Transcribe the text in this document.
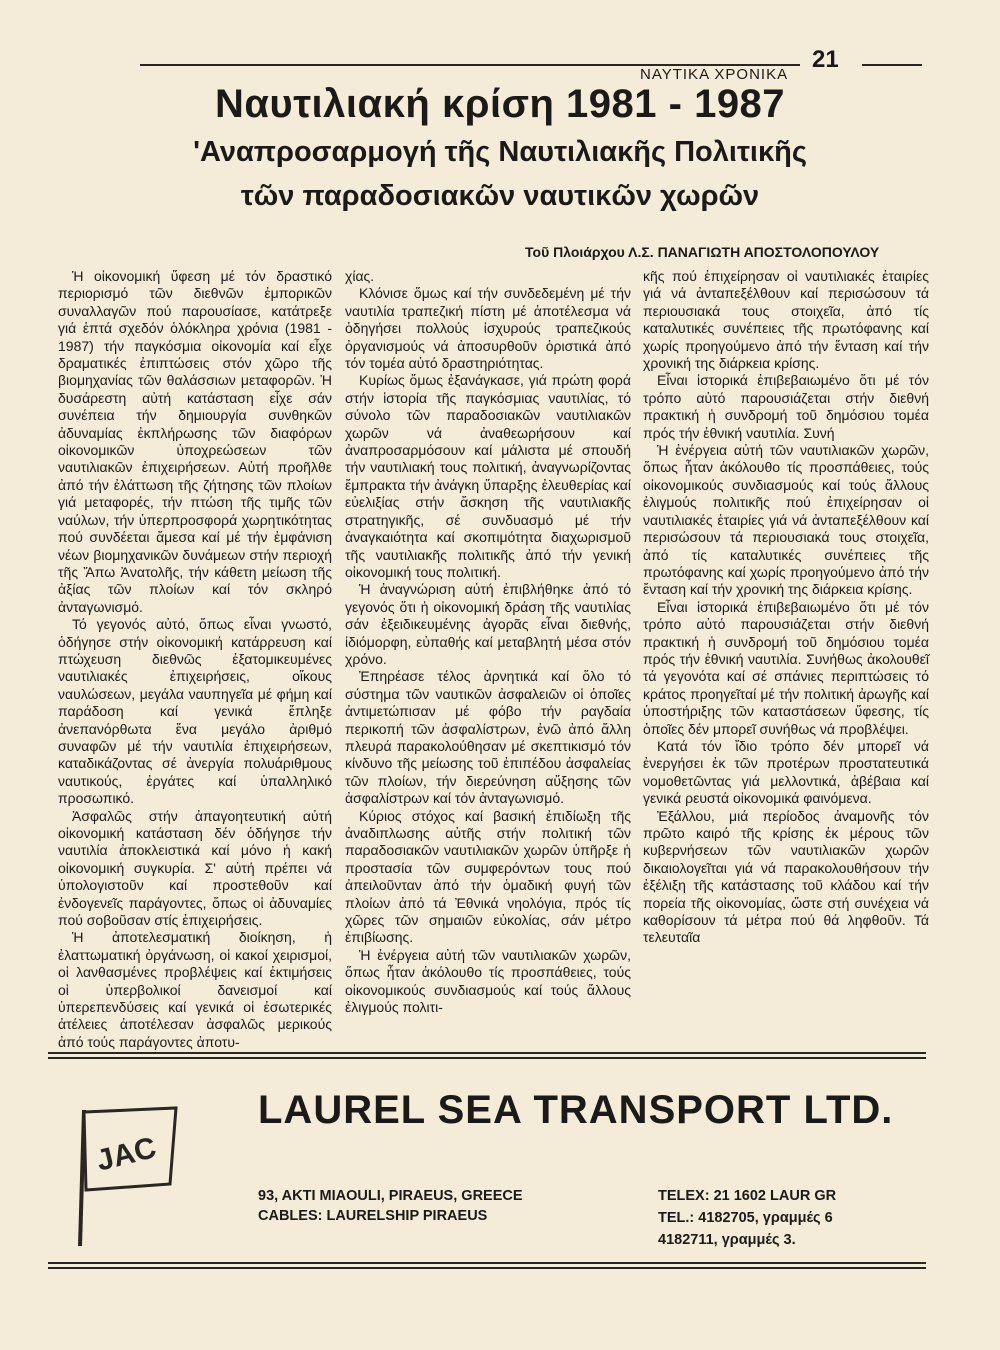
ΝΑΥΤΙΚΑ ΧΡΟΝΙΚΑ
21
Ναυτιλιακή κρίση 1981 - 1987
'Αναπροσαρμογή τῆς Ναυτιλιακῆς Πολιτικῆς
τῶν παραδοσιακῶν ναυτικῶν χωρῶν
Τοῦ Πλοιάρχου Λ.Σ. ΠΑΝΑΓΙΩΤΗ ΑΠΟΣΤΟΛΟΠΟΥΛΟΥ

Ἡ οἰκονομική ὕφεση μέ τόν δραστικό περιορισμό τῶν διεθνῶν ἐμπορικῶν συναλλαγῶν πού παρουσίασε, κατάτρεξε γιά ἑπτά σχεδόν ὁλόκληρα χρόνια (1981 - 1987) τήν παγκόσμια οἰκονομία καί εἶχε δραματικές ἐπιπτώσεις στόν χῶρο τῆς βιομηχανίας τῶν θαλάσσιων μεταφορῶν. Ἡ δυσάρεστη αὐτή κατάσταση εἶχε σάν συνέπεια τήν δημιουργία συνθηκῶν ἀδυναμίας ἐκπλήρωσης τῶν διαφόρων οἰκονομικῶν ὑποχρεώσεων τῶν ναυτιλιακῶν ἐπιχειρήσεων. Αὐτή προῆλθε ἀπό τήν ἐλάττωση τῆς ζήτησης τῶν πλοίων γιά μεταφορές, τήν πτώση τῆς τιμῆς τῶν ναύλων, τήν ὑπερπροσφορά χωρητικότητας πού συνδέεται ἄμεσα καί μέ τήν ἐμφάνιση νέων βιομηχανικῶν δυνάμεων στήν περιοχή τῆς Ἄπω Ἀνατολῆς, τήν κάθετη μείωση τῆς ἀξίας τῶν πλοίων καί τόν σκληρό ἀνταγωνισμό.

Τό γεγονός αὐτό, ὅπως εἶναι γνωστό, ὁδήγησε στήν οἰκονομική κατάρρευση καί πτώχευση διεθνῶς ἐξατομικευμένες ναυτιλιακές ἐπιχειρήσεις, οἴκους ναυλώσεων, μεγάλα ναυπηγεῖα μέ φήμη καί παράδοση καί γενικά ἔπληξε ἀνεπανόρθωτα ἕνα μεγάλο ἀριθμό συναφῶν μέ τήν ναυτιλία ἐπιχειρήσεων, καταδικάζοντας σέ ἀνεργία πολυάριθμους ναυτικούς, ἐργάτες καί ὑπαλληλικό προσωπικό.

Ἀσφαλῶς στήν ἀπαγοητευτική αὐτή οἰκονομική κατάσταση δέν ὁδήγησε τήν ναυτιλία ἀποκλειστικά καί μόνο ἡ κακή οἰκονομική συγκυρία. Σ' αὐτή πρέπει νά ὑπολογιστοῦν καί προστεθοῦν καί ἐνδογενεῖς παράγοντες, ὅπως οἱ ἀδυναμίες πού σοβοῦσαν στίς ἐπιχειρήσεις.

Ἡ ἀποτελεσματική διοίκηση, ἡ ἐλαττωματική ὀργάνωση, οἱ κακοί χειρισμοί, οἱ λανθασμένες προβλέψεις καί ἐκτιμήσεις οἱ ὑπερβολικοί δανεισμοί καί ὑπερεπενδύσεις καί γενικά οἱ ἐσωτερικές ἀτέλειες ἀποτέλεσαν ἀσφαλῶς μερικούς ἀπό τούς παράγοντες ἀποτυ-

χίας.

Κλόνισε ὅμως καί τήν συνδεδεμένη μέ τήν ναυτιλία τραπεζική πίστη μέ ἀποτέλεσμα νά ὁδηγήσει πολλούς ἰσχυρούς τραπεζικούς ὀργανισμούς νά ἀποσυρθοῦν ὁριστικά ἀπό τόν τομέα αὐτό δραστηριότητας.

Κυρίως ὅμως ἐξανάγκασε, γιά πρώτη φορά στήν ἱστορία τῆς παγκόσμιας ναυτιλίας, τό σύνολο τῶν παραδοσιακῶν ναυτιλιακῶν χωρῶν νά ἀναθεωρήσουν καί ἀναπροσαρμόσουν καί μάλιστα μέ σπουδή τήν ναυτιλιακή τους πολιτική, ἀναγνωρίζοντας ἔμπρακτα τήν ἀνάγκη ὕπαρξης ἐλευθερίας καί εὐελιξίας στήν ἄσκηση τῆς ναυτιλιακῆς στρατηγικῆς, σέ συνδυασμό μέ τήν ἀναγκαιότητα καί σκοπιμότητα διαχωρισμοῦ τῆς ναυτιλιακῆς πολιτικῆς ἀπό τήν γενική οἰκονομική τους πολιτική.

Ἡ ἀναγνώριση αὐτή ἐπιβλήθηκε ἀπό τό γεγονός ὅτι ἡ οἰκονομική δράση τῆς ναυτιλίας σάν ἐξειδικευμένης ἀγορᾶς εἶναι διεθνής, ἰδιόμορφη, εὐπαθής καί μεταβλητή μέσα στόν χρόνο.

Ἐπηρέασε τέλος ἀρνητικά καί ὅλο τό σύστημα τῶν ναυτικῶν ἀσφαλειῶν οἱ ὁποῖες ἀντιμετώπισαν μέ φόβο τήν ραγδαία περικοπή τῶν ἀσφαλίστρων, ἐνῶ ἀπό ἄλλη πλευρά παρακολούθησαν μέ σκεπτικισμό τόν κίνδυνο τῆς μείωσης τοῦ ἐπιπέδου ἀσφαλείας τῶν πλοίων, τήν διερεύνηση αὔξησης τῶν ἀσφαλίστρων καί τόν ἀνταγωνισμό.

Κύριος στόχος καί βασική ἐπιδίωξη τῆς ἀναδιπλωσης αὐτῆς στήν πολιτική τῶν παραδοσιακῶν ναυτιλιακῶν χωρῶν ὑπῆρξε ἡ προστασία τῶν συμφερόντων τους πού ἀπειλοῦνταν ἀπό τήν ὁμαδική φυγή τῶν πλοίων ἀπό τά Ἐθνικά νηολόγια, πρός τίς χῶρες τῶν σημαιῶν εὐκολίας, σάν μέτρο ἐπιβίωσης.

Ἡ ἐνέργεια αὐτή τῶν ναυτιλιακῶν χωρῶν, ὅπως ἦταν ἀκόλουθο τίς προσπάθειες, τούς οἰκονομικούς συνδιασμούς καί τούς ἄλλους ἐλιγμούς πολιτι-

κῆς πού ἐπιχείρησαν οἱ ναυτιλιακές ἑταιρίες γιά νά ἀνταπεξέλθουν καί περισώσουν τά περιουσιακά τους στοιχεῖα, ἀπό τίς καταλυτικές συνέπειες τῆς πρωτόφανης καί χωρίς προηγούμενο ἀπό τήν ἔνταση καί τήν χρονική της διάρκεια κρίσης.

Εἶναι ἱστορικά ἐπιβεβαιωμένο ὅτι μέ τόν τρόπο αὐτό παρουσιάζεται στήν διεθνή πρακτική ἡ συνδρομή τοῦ δημόσιου τομέα πρός τήν ἐθνική ναυτιλία. Συνή

Ἡ ἐνέργεια αὐτή τῶν ναυτιλιακῶν χωρῶν, ὅπως ἦταν ἀκόλουθο τίς προσπάθειες, τούς οἰκονομικούς συνδιασμούς καί τούς ἄλλους ἐλιγμούς πολιτικῆς πού ἐπιχείρησαν οἱ ναυτιλιακές ἑταιρίες γιά νά ἀνταπεξέλθουν καί περισώσουν τά περιουσιακά τους στοιχεῖα, ἀπό τίς καταλυτικές συνέπειες τῆς πρωτόφανης καί χωρίς προηγούμενο ἀπό τήν ἔνταση καί τήν χρονική της διάρκεια κρίσης.

Εἶναι ἱστορικά ἐπιβεβαιωμένο ὅτι μέ τόν τρόπο αὐτό παρουσιάζεται στήν διεθνή πρακτική ἡ συνδρομή τοῦ δημόσιου τομέα πρός τήν ἐθνική ναυτιλία. Συνήθως ἀκολουθεῖ τά γεγονότα καί σέ σπάνιες περιπτώσεις τό κράτος προηγεῖταί μέ τήν πολιτική ἀρωγῆς καί ὑποστήριξης τῶν καταστάσεων ὕφεσης, τίς ὁποῖες δέν μπορεῖ συνήθως νά προβλέψει.

Κατά τόν ἴδιο τρόπο δέν μπορεῖ νά ἐνεργήσει ἐκ τῶν προτέρων προστατευτικά νομοθετῶντας γιά μελλοντικά, ἀβέβαια καί γενικά ρευστά οἰκονομικά φαινόμενα.

Ἐξάλλου, μιά περίοδος ἀναμονῆς τόν πρῶτο καιρό τῆς κρίσης ἐκ μέρους τῶν κυβερνήσεων τῶν ναυτιλιακῶν χωρῶν δικαιολογεῖται γιά νά παρακολουθήσουν τήν ἐξέλιξη τῆς κατάστασης τοῦ κλάδου καί τήν πορεία τῆς οἰκονομίας, ὥστε στή συνέχεια νά καθορίσουν τά μέτρα πού θά ληφθοῦν. Τά τελευταῖα

LAUREL SEA TRANSPORT LTD.
JAC
93, AKTI MIAOULI, PIRAEUS, GREECE
CABLES: LAURELSHIP PIRAEUS
TELEX: 21 1602 LAUR GR
TEL.: 4182705, γραμμές 6
4182711, γραμμές 3.
